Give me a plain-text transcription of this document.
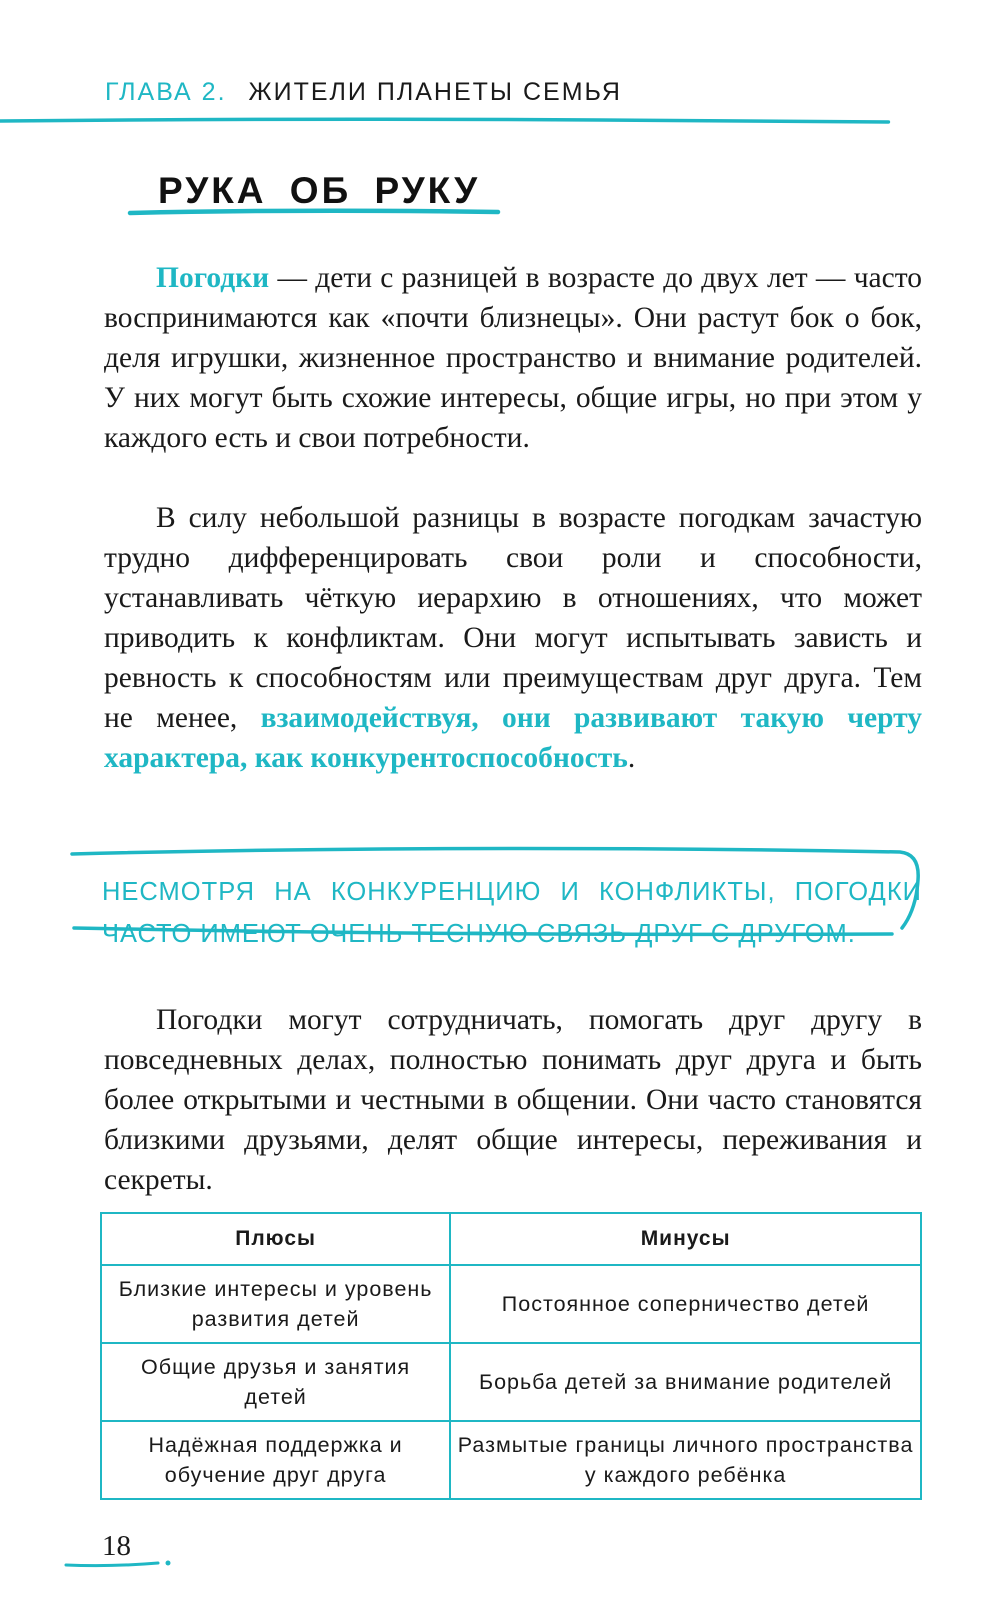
ГЛАВА 2. ЖИТЕЛИ ПЛАНЕТЫ СЕМЬЯ
РУКА ОБ РУКУ

Погодки — дети с разницей в возрасте до двух лет — часто воспринимаются как «почти близнецы». Они растут бок о бок, деля игрушки, жизненное пространство и внимание родителей. У них могут быть схожие интересы, общие игры, но при этом у каждого есть и свои потребности.

В силу небольшой разницы в возрасте погодкам зачастую трудно дифференцировать свои роли и способности, устанавливать чёткую иерархию в отношениях, что может приводить к конфликтам. Они могут испытывать зависть и ревность к способностям или преимуществам друг друга. Тем не менее, взаимодействуя, они развивают такую черту характера, как конкурентоспособность.

НЕСМОТРЯ НА КОНКУРЕНЦИЮ И КОНФЛИКТЫ, ПОГОДКИ ЧАСТО ИМЕЮТ ОЧЕНЬ ТЕСНУЮ СВЯЗЬ ДРУГ С ДРУГОМ.

Погодки могут сотрудничать, помогать друг другу в повседневных делах, полностью понимать друг друга и быть более открытыми и честными в общении. Они часто становятся близкими друзьями, делят общие интересы, переживания и секреты.

Плюсы	Минусы
Близкие интересы и уровень развития детей	Постоянное соперничество детей
Общие друзья и занятия детей	Борьба детей за внимание родителей
Надёжная поддержка и обучение друг друга	Размытые границы личного пространства у каждого ребёнка
18
